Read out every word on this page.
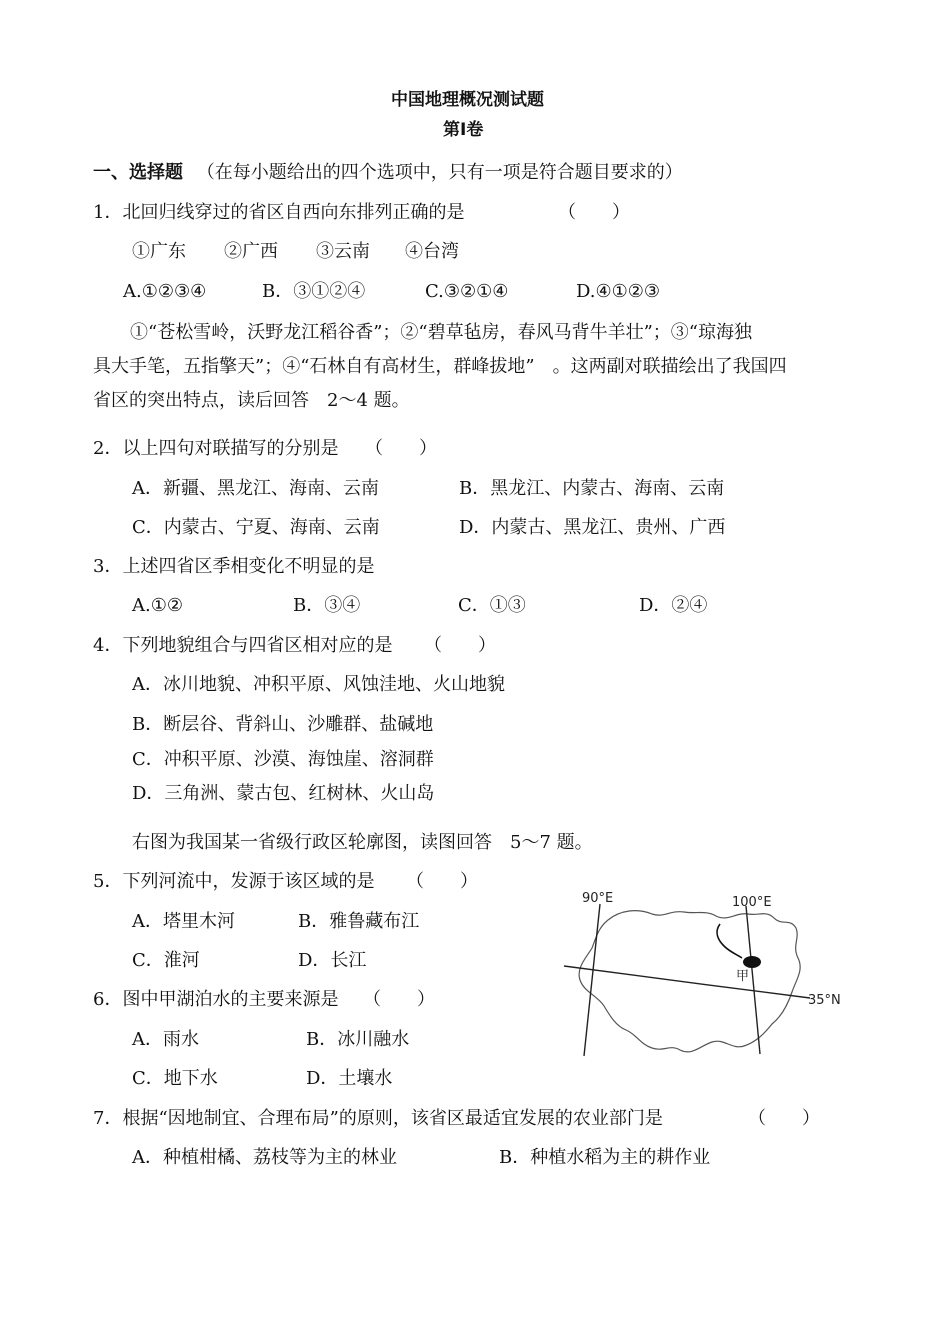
中国地理概况测试题
第Ⅰ卷
一、选择题 （在每小题给出的四个选项中，只有一项是符合题目要求的）
1．北回归线穿过的省区自西向东排列正确的是	（　　）
①广东 ②广西 ③云南 ④台湾
A.①②③④	B．③①②④	C.③②①④	D.④①②③
①“苍松雪岭，沃野龙江稻谷香”；②“碧草毡房，春风马背牛羊壮”；③“琼海独
具大手笔，五指擎天”；④“石林自有高材生，群峰拔地”　。这两副对联描绘出了我国四
省区的突出特点，读后回答　2～4 题。
2．以上四句对联描写的分别是 （　　）
A．新疆、黑龙江、海南、云南	B．黑龙江、内蒙古、海南、云南
C．内蒙古、宁夏、海南、云南	D．内蒙古、黑龙江、贵州、广西
3．上述四省区季相变化不明显的是
A.①②	B．③④	C．①③	D．②④
4．下列地貌组合与四省区相对应的是 （　　）
A．冰川地貌、冲积平原、风蚀洼地、火山地貌
B．断层谷、背斜山、沙雕群、盐碱地
C．冲积平原、沙漠、海蚀崖、溶洞群
D．三角洲、蒙古包、红树林、火山岛
右图为我国某一省级行政区轮廓图，读图回答　5～7 题。
5．下列河流中，发源于该区域的是 （　　）
A．塔里木河	B．雅鲁藏布江
C．淮河	D．长江
6．图中甲湖泊水的主要来源是 （　　）
A．雨水	B．冰川融水
C．地下水	D．土壤水
7．根据“因地制宜、合理布局”的原则，该省区最适宜发展的农业部门是	（　　）
A．种植柑橘、荔枝等为主的林业	B．种植水稻为主的耕作业
90°E	100°E
35°N
甲
